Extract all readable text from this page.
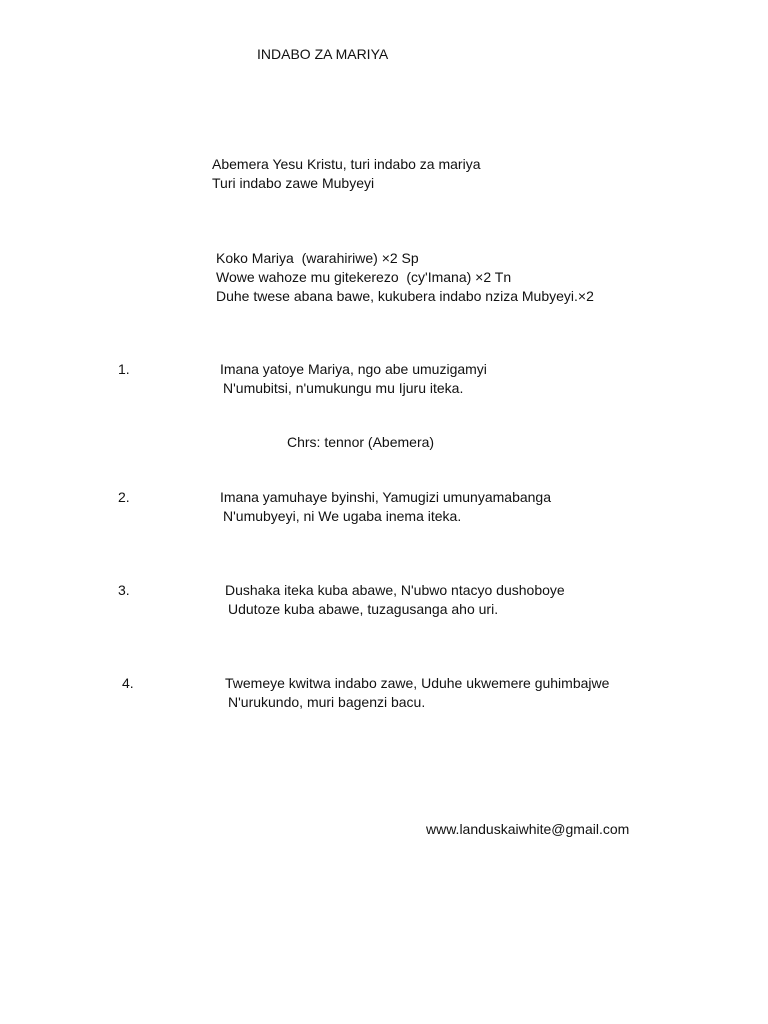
INDABO ZA MARIYA
Abemera Yesu Kristu, turi indabo za mariya
Turi indabo zawe Mubyeyi
Koko Mariya  (warahiriwe) ×2 Sp
Wowe wahoze mu gitekerezo  (cy'Imana) ×2 Tn
Duhe twese abana bawe, kukubera indabo nziza Mubyeyi.×2
1.	Imana yatoye Mariya, ngo abe umuzigamyi
N'umubitsi, n'umukungu mu Ijuru iteka.
Chrs: tennor (Abemera)
2.	Imana yamuhaye byinshi, Yamugizi umunyamabanga
N'umubyeyi, ni We ugaba inema iteka.
3.	Dushaka iteka kuba abawe, N'ubwo ntacyo dushoboye
Udutoze kuba abawe, tuzagusanga aho uri.
4.	Twemeye kwitwa indabo zawe, Uduhe ukwemere guhimbajwe
N'urukundo, muri bagenzi bacu.
www.landuskaiwhite@gmail.com
